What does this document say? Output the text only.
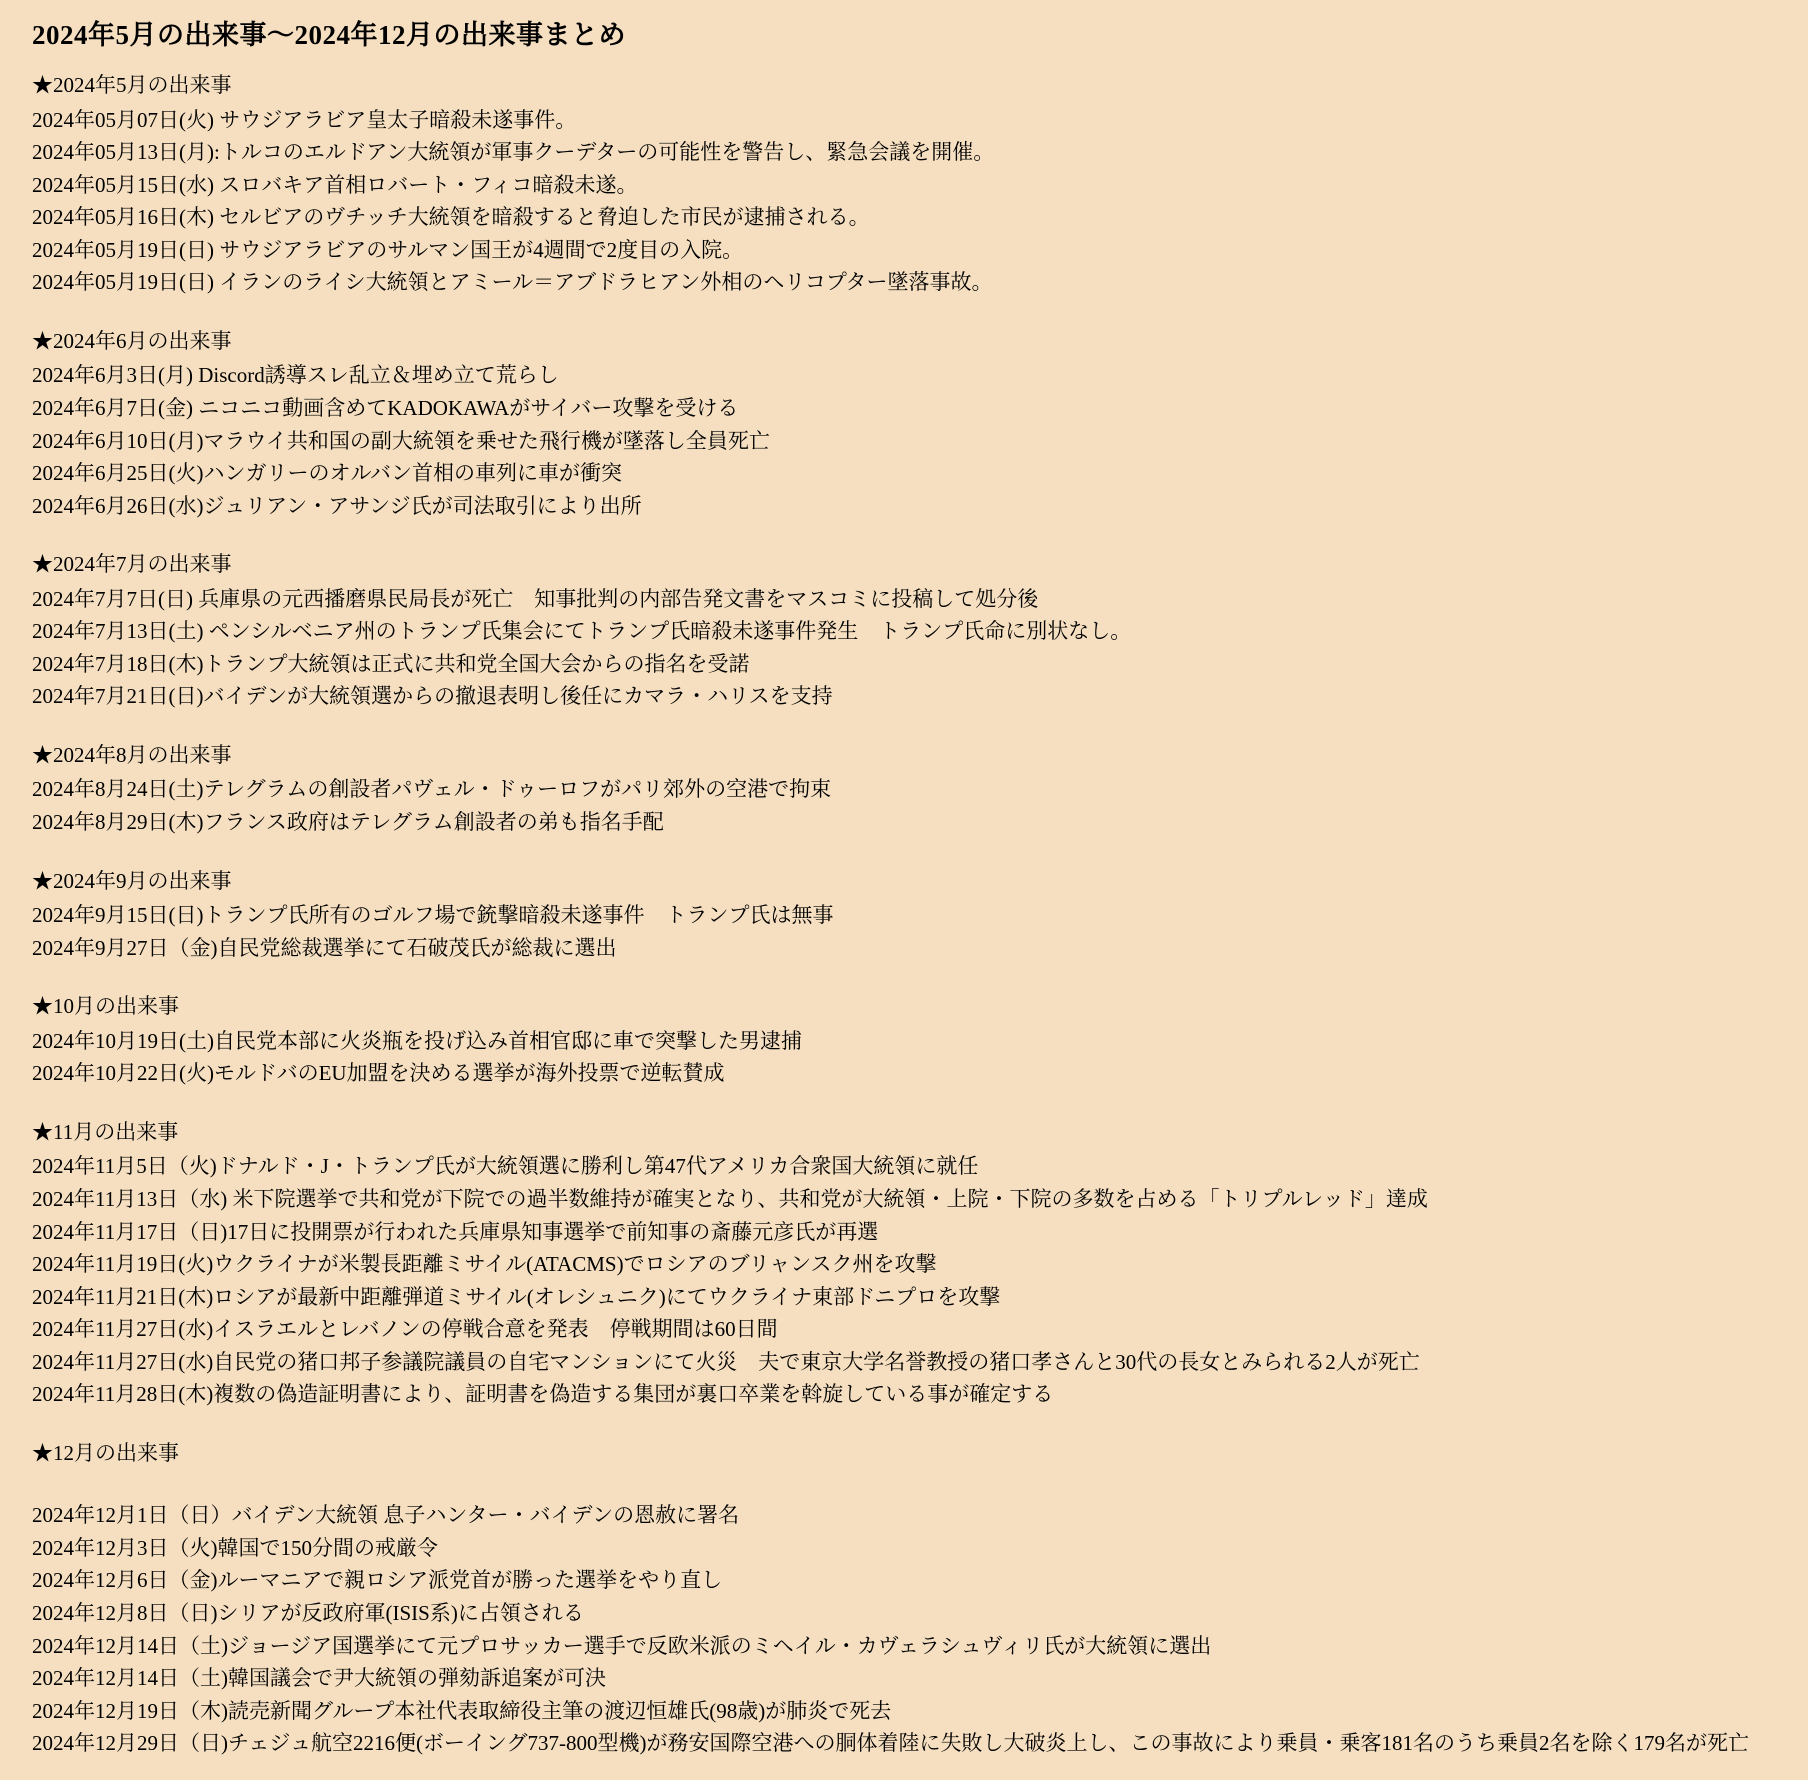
2024年5月の出来事～2024年12月の出来事まとめ

★2024年5月の出来事

2024年05月07日(火) サウジアラビア皇太子暗殺未遂事件。

2024年05月13日(月):トルコのエルドアン大統領が軍事クーデターの可能性を警告し、緊急会議を開催。

2024年05月15日(水) スロバキア首相ロバート・フィコ暗殺未遂。

2024年05月16日(木) セルビアのヴチッチ大統領を暗殺すると脅迫した市民が逮捕される。

2024年05月19日(日) サウジアラビアのサルマン国王が4週間で2度目の入院。

2024年05月19日(日) イランのライシ大統領とアミール＝アブドラヒアン外相のヘリコプター墜落事故。

★2024年6月の出来事

2024年6月3日(月) Discord誘導スレ乱立＆埋め立て荒らし

2024年6月7日(金) ニコニコ動画含めてKADOKAWAがサイバー攻撃を受ける

2024年6月10日(月)マラウイ共和国の副大統領を乗せた飛行機が墜落し全員死亡

2024年6月25日(火)ハンガリーのオルバン首相の車列に車が衝突

2024年6月26日(水)ジュリアン・アサンジ氏が司法取引により出所

★2024年7月の出来事

2024年7月7日(日) 兵庫県の元西播磨県民局長が死亡　知事批判の内部告発文書をマスコミに投稿して処分後

2024年7月13日(土) ペンシルベニア州のトランプ氏集会にてトランプ氏暗殺未遂事件発生　トランプ氏命に別状なし。

2024年7月18日(木)トランプ大統領は正式に共和党全国大会からの指名を受諾

2024年7月21日(日)バイデンが大統領選からの撤退表明し後任にカマラ・ハリスを支持

★2024年8月の出来事

2024年8月24日(土)テレグラムの創設者パヴェル・ドゥーロフがパリ郊外の空港で拘束

2024年8月29日(木)フランス政府はテレグラム創設者の弟も指名手配

★2024年9月の出来事

2024年9月15日(日)トランプ氏所有のゴルフ場で銃撃暗殺未遂事件　トランプ氏は無事

2024年9月27日（金)自民党総裁選挙にて石破茂氏が総裁に選出

★10月の出来事

2024年10月19日(土)自民党本部に火炎瓶を投げ込み首相官邸に車で突撃した男逮捕

2024年10月22日(火)モルドバのEU加盟を決める選挙が海外投票で逆転賛成

★11月の出来事

2024年11月5日（火)ドナルド・J・トランプ氏が大統領選に勝利し第47代アメリカ合衆国大統領に就任

2024年11月13日（水) 米下院選挙で共和党が下院での過半数維持が確実となり、共和党が大統領・上院・下院の多数を占める「トリプルレッド」達成

2024年11月17日（日)17日に投開票が行われた兵庫県知事選挙で前知事の斎藤元彦氏が再選

2024年11月19日(火)ウクライナが米製長距離ミサイル(ATACMS)でロシアのブリャンスク州を攻撃

2024年11月21日(木)ロシアが最新中距離弾道ミサイル(オレシュニク)にてウクライナ東部ドニプロを攻撃

2024年11月27日(水)イスラエルとレバノンの停戦合意を発表　停戦期間は60日間

2024年11月27日(水)自民党の猪口邦子参議院議員の自宅マンションにて火災　夫で東京大学名誉教授の猪口孝さんと30代の長女とみられる2人が死亡

2024年11月28日(木)複数の偽造証明書により、証明書を偽造する集団が裏口卒業を斡旋している事が確定する

★12月の出来事

2024年12月1日（日）バイデン大統領 息子ハンター・バイデンの恩赦に署名

2024年12月3日（火)韓国で150分間の戒厳令

2024年12月6日（金)ルーマニアで親ロシア派党首が勝った選挙をやり直し

2024年12月8日（日)シリアが反政府軍(ISIS系)に占領される

2024年12月14日（土)ジョージア国選挙にて元プロサッカー選手で反欧米派のミヘイル・カヴェラシュヴィリ氏が大統領に選出

2024年12月14日（土)韓国議会で尹大統領の弾劾訴追案が可決

2024年12月19日（木)読売新聞グループ本社代表取締役主筆の渡辺恒雄氏(98歳)が肺炎で死去

2024年12月29日（日)チェジュ航空2216便(ボーイング737-800型機)が務安国際空港への胴体着陸に失敗し大破炎上し、この事故により乗員・乗客181名のうち乗員2名を除く179名が死亡
